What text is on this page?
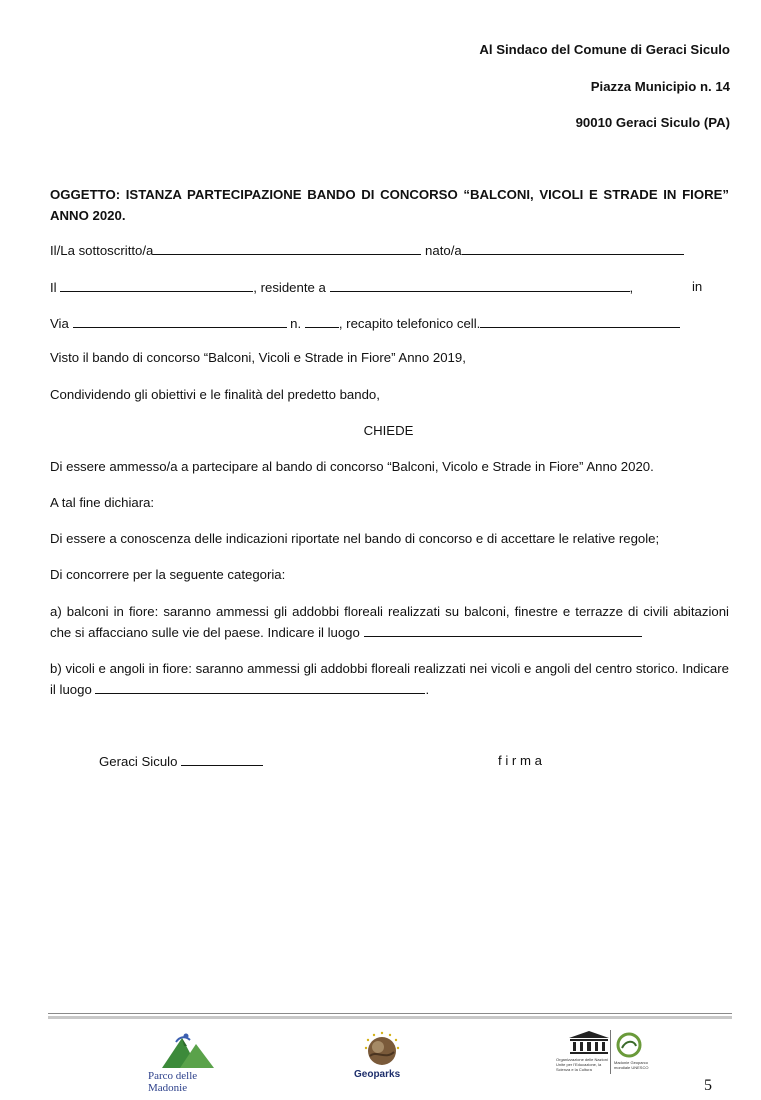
Al Sindaco del Comune di Geraci Siculo
Piazza Municipio n. 14
90010 Geraci Siculo (PA)
OGGETTO: ISTANZA PARTECIPAZIONE BANDO DI CONCORSO “BALCONI, VICOLI E STRADE IN FIORE” ANNO 2020.
Il/La sottoscritto/a	nato/a
Il	, residente a	,	in
Via	n.	, recapito telefonico cell.
Visto il bando di concorso “Balconi, Vicoli e Strade in Fiore” Anno 2019,
Condividendo gli obiettivi e le finalità del predetto bando,
CHIEDE
Di essere ammesso/a a partecipare al bando di concorso “Balconi, Vicolo e Strade in Fiore” Anno 2020.
A tal fine dichiara:
Di essere a conoscenza delle indicazioni riportate nel bando di concorso e di accettare le relative regole;
Di concorrere per la seguente categoria:
a) balconi in fiore: saranno ammessi gli addobbi floreali realizzati su balconi, finestre e terrazze di civili abitazioni che si affacciano sulle vie del paese. Indicare il luogo
b) vicoli e angoli in fiore: saranno ammessi gli addobbi floreali realizzati nei vicoli e angoli del centro storico. Indicare il luogo	.
Geraci Siculo	f i r m a
Parco delle Madonie
Geoparks
Organizzazione delle Nazioni Unite per l'Educazione, la Scienza e la Cultura
Madonie Geoparco mondiale UNESCO
5
